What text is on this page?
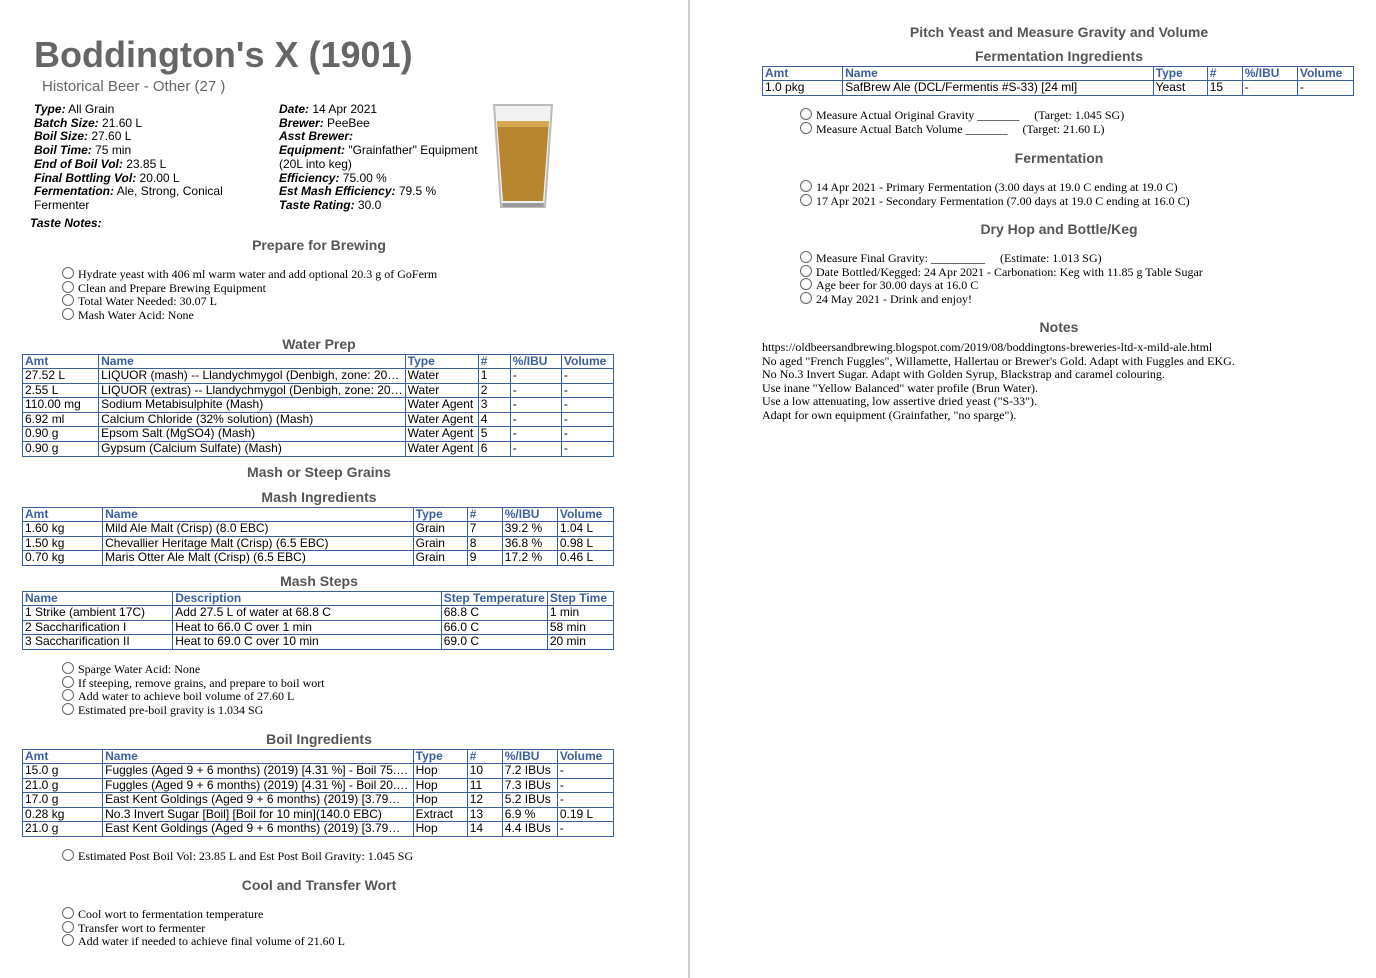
Boddington's X (1901)
Historical Beer - Other (27 )
Type: All Grain
Batch Size: 21.60 L
Boil Size: 27.60 L
Boil Time: 75 min
End of Boil Vol: 23.85 L
Final Bottling Vol: 20.00 L
Fermentation: Ale, Strong, Conical Fermenter
Date: 14 Apr 2021
Brewer: PeeBee
Asst Brewer:
Equipment: "Grainfather" Equipment (20L into keg)
Efficiency: 75.00 %
Est Mash Efficiency: 79.5 %
Taste Rating: 30.0
Taste Notes:
Prepare for Brewing
Hydrate yeast with 406 ml warm water and add optional 20.3 g of GoFerm
Clean and Prepare Brewing Equipment
Total Water Needed: 30.07 L
Mash Water Acid: None
Water Prep
Amt	Name	Type	#	%/IBU	Volume
27.52 L	LIQUOR (mash) -- Llandychmygol (Denbigh, zone: 20…	Water	1	-	-
2.55 L	LIQUOR (extras) -- Llandychmygol (Denbigh, zone: 20…	Water	2	-	-
110.00 mg	Sodium Metabisulphite (Mash)	Water Agent	3	-	-
6.92 ml	Calcium Chloride (32% solution) (Mash)	Water Agent	4	-	-
0.90 g	Epsom Salt (MgSO4) (Mash)	Water Agent	5	-	-
0.90 g	Gypsum (Calcium Sulfate) (Mash)	Water Agent	6	-	-
Mash or Steep Grains
Mash Ingredients
Amt	Name	Type	#	%/IBU	Volume
1.60 kg	Mild Ale Malt (Crisp) (8.0 EBC)	Grain	7	39.2 %	1.04 L
1.50 kg	Chevallier Heritage Malt (Crisp) (6.5 EBC)	Grain	8	36.8 %	0.98 L
0.70 kg	Maris Otter Ale Malt (Crisp) (6.5 EBC)	Grain	9	17.2 %	0.46 L
Mash Steps
Name	Description	Step Temperature	Step Time
1 Strike (ambient 17C)	Add 27.5 L of water at 68.8 C	68.8 C	1 min
2 Saccharification I	Heat to 66.0 C over 1 min	66.0 C	58 min
3 Saccharification II	Heat to 69.0 C over 10 min	69.0 C	20 min
Sparge Water Acid: None
If steeping, remove grains, and prepare to boil wort
Add water to achieve boil volume of 27.60 L
Estimated pre-boil gravity is 1.034 SG
Boil Ingredients
Amt	Name	Type	#	%/IBU	Volume
15.0 g	Fuggles (Aged 9 + 6 months) (2019) [4.31 %] - Boil 75.…	Hop	10	7.2 IBUs	-
21.0 g	Fuggles (Aged 9 + 6 months) (2019) [4.31 %] - Boil 20.…	Hop	11	7.3 IBUs	-
17.0 g	East Kent Goldings (Aged 9 + 6 months) (2019) [3.79…	Hop	12	5.2 IBUs	-
0.28 kg	No.3 Invert Sugar [Boil] [Boil for 10 min](140.0 EBC)	Extract	13	6.9 %	0.19 L
21.0 g	East Kent Goldings (Aged 9 + 6 months) (2019) [3.79…	Hop	14	4.4 IBUs	-
Estimated Post Boil Vol: 23.85 L and Est Post Boil Gravity: 1.045 SG
Cool and Transfer Wort
Cool wort to fermentation temperature
Transfer wort to fermenter
Add water if needed to achieve final volume of 21.60 L
Pitch Yeast and Measure Gravity and Volume
Fermentation Ingredients
Amt	Name	Type	#	%/IBU	Volume
1.0 pkg	SafBrew Ale (DCL/Fermentis #S-33) [24 ml]	Yeast	15	-	-
Measure Actual Original Gravity _______     (Target: 1.045 SG)
Measure Actual Batch Volume _______     (Target: 21.60 L)
Fermentation
14 Apr 2021 - Primary Fermentation (3.00 days at 19.0 C ending at 19.0 C)
17 Apr 2021 - Secondary Fermentation (7.00 days at 19.0 C ending at 16.0 C)
Dry Hop and Bottle/Keg
Measure Final Gravity: _________     (Estimate: 1.013 SG)
Date Bottled/Kegged: 24 Apr 2021 - Carbonation: Keg with 11.85 g Table Sugar
Age beer for 30.00 days at 16.0 C
24 May 2021 - Drink and enjoy!
Notes
https://oldbeersandbrewing.blogspot.com/2019/08/boddingtons-breweries-ltd-x-mild-ale.html
No aged "French Fuggles", Willamette, Hallertau or Brewer's Gold. Adapt with Fuggles and EKG.
No No.3 Invert Sugar. Adapt with Golden Syrup, Blackstrap and caramel colouring.
Use inane "Yellow Balanced" water profile (Brun Water).
Use a low attenuating, low assertive dried yeast ("S-33").
Adapt for own equipment (Grainfather, "no sparge").
